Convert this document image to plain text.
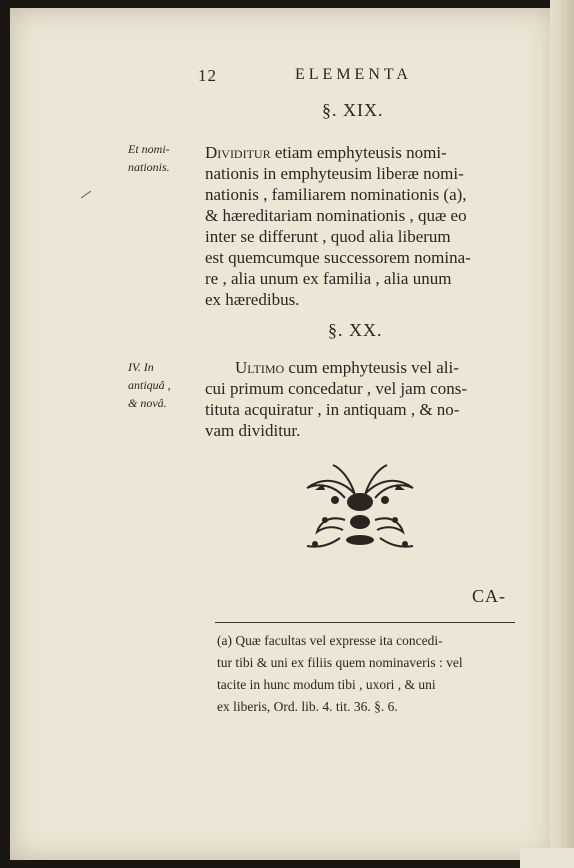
12	ELEMENTA
§. XIX.
Et nomi-
nationis.
Dividitur etiam emphyteusis nomi-
nationis in emphyteusim liberæ nomi-
nationis , familiarem nominationis (a),
& hæreditariam nominationis , quæ eo
inter se differunt , quod alia liberum
est quemcumque successorem nomina-
re , alia unum ex familia , alia unum
ex hæredibus.
§. XX.
IV. In
antiquâ ,
& novâ.
Ultimo cum emphyteusis vel ali-
cui primum concedatur , vel jam cons-
tituta acquiratur , in antiquam , & no-
vam dividitur.
CA-
(a) Quæ facultas vel expresse ita concedi-
tur tibi & uni ex filiis quem nominaveris : vel
tacite in hunc modum tibi , uxori , & uni
ex liberis, Ord. lib. 4. tit. 36. §. 6.
